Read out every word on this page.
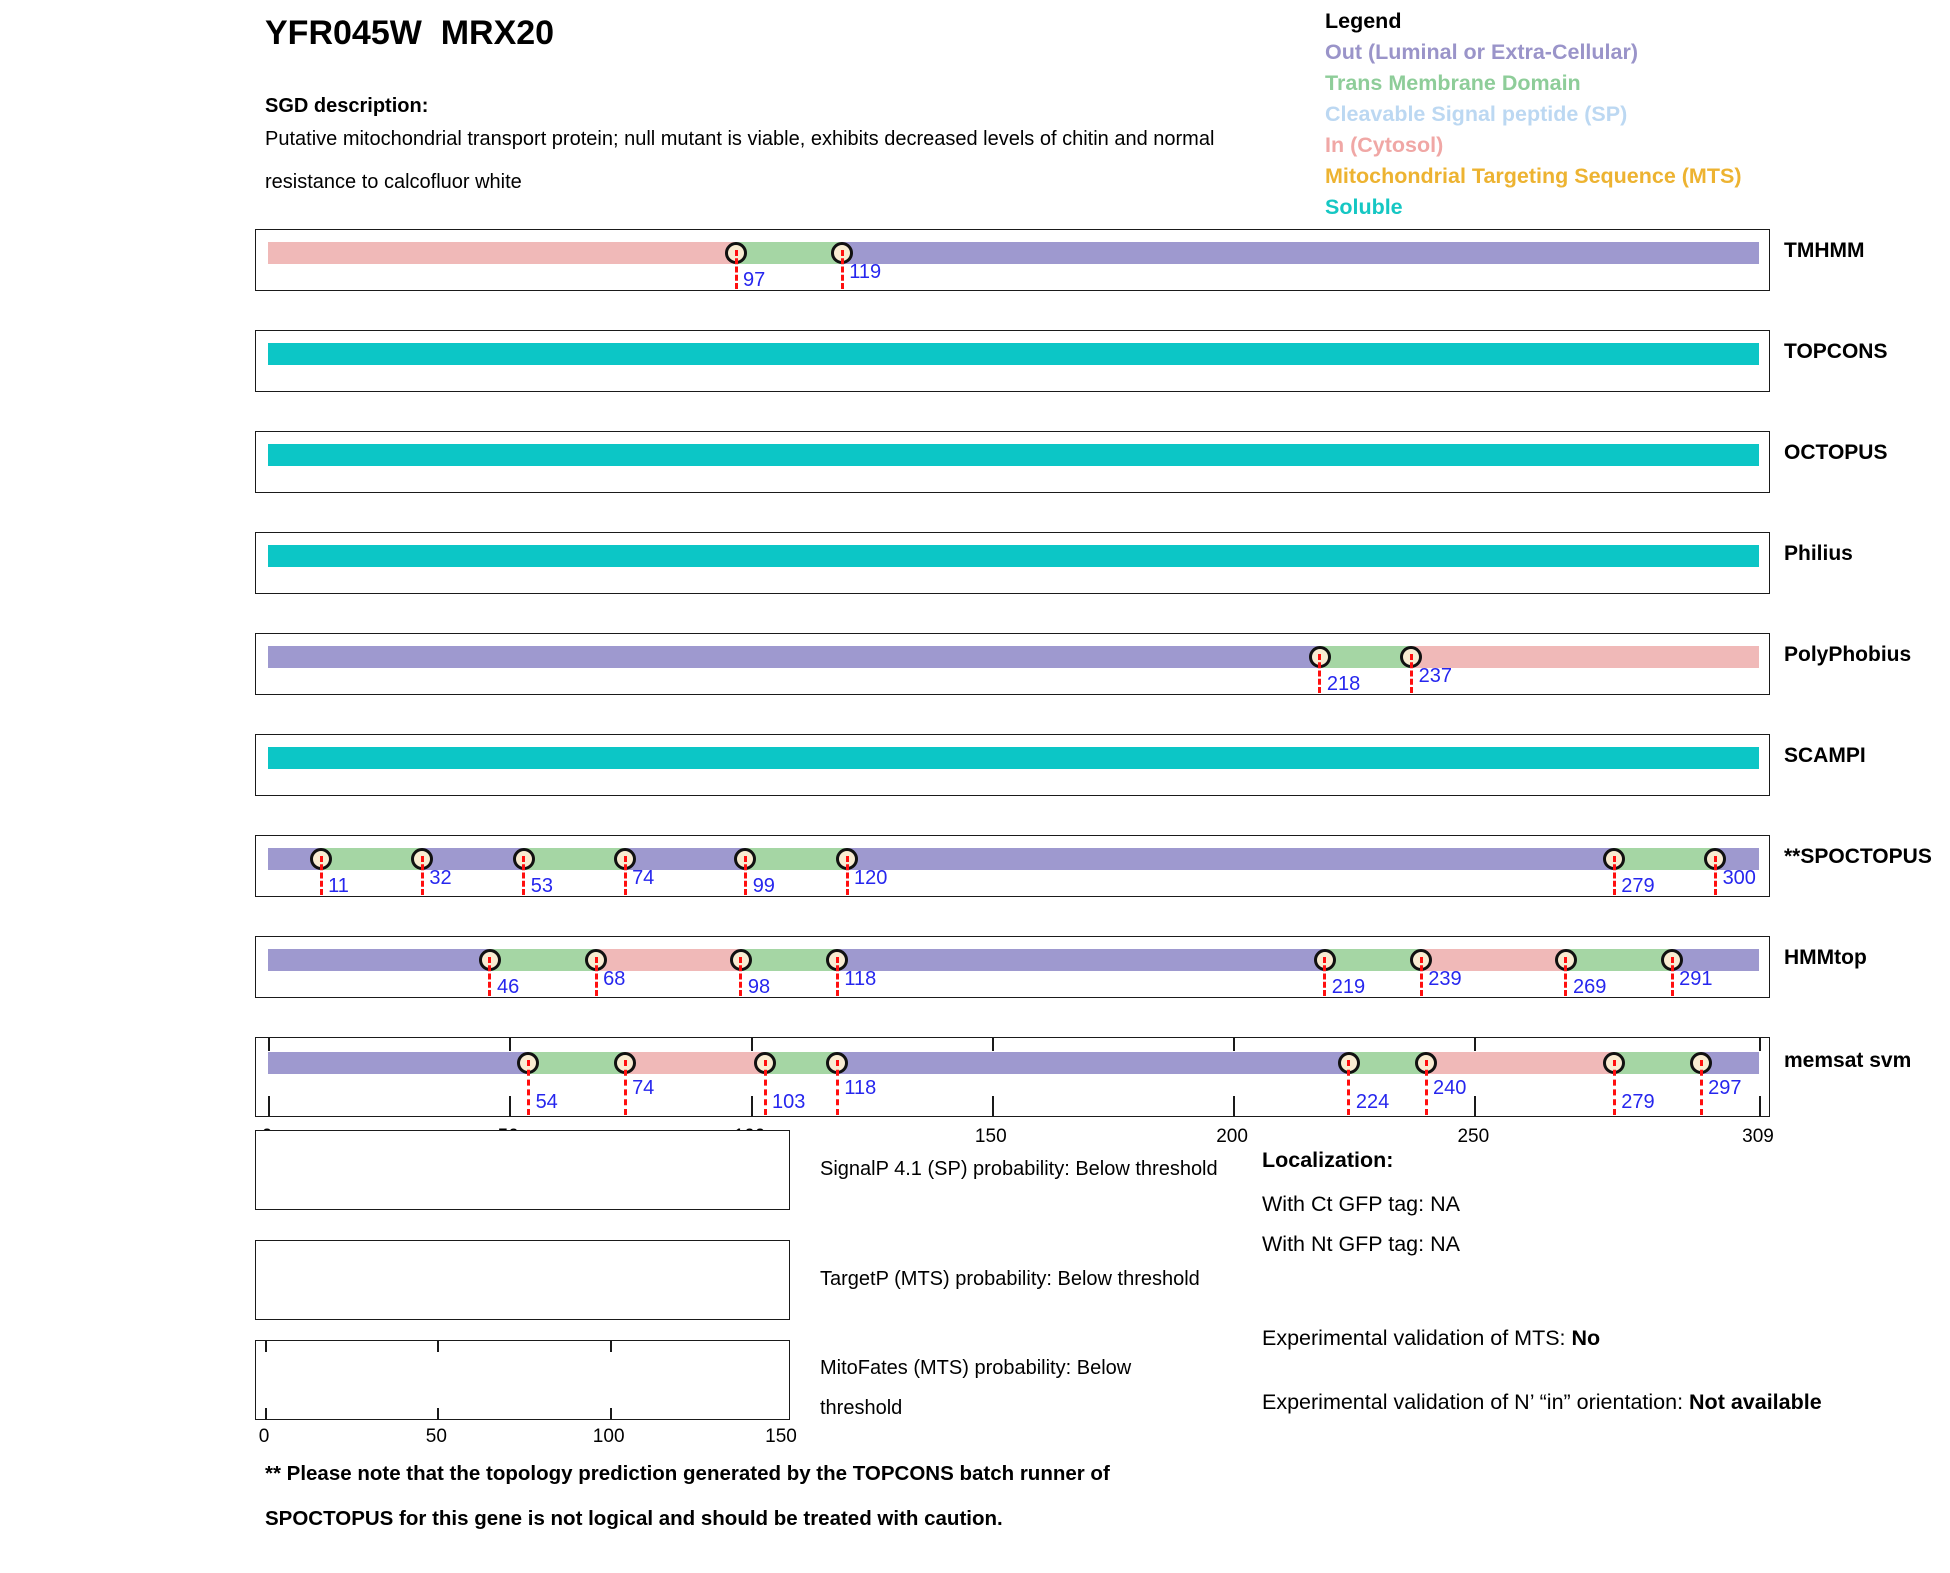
YFR045W  MRX20
SGD description:
Putative mitochondrial transport protein; null mutant is viable, exhibits decreased levels of chitin and normal
resistance to calcofluor white
Legend
Out (Luminal or Extra-Cellular)
Trans Membrane Domain
Cleavable Signal peptide (SP)
In (Cytosol)
Mitochondrial Targeting Sequence (MTS)
Soluble
97	119
TMHMM
TOPCONS
OCTOPUS
Philius
218	237
PolyPhobius
SCAMPI
11	32	53	74	99	120	279	300
**SPOCTOPUS
46	68	98	118	219	239	269	291
HMMtop
54
74
103
118
224
240
279
297
memsat svm
150	200	250	309
SignalP 4.1 (SP) probability: Below threshold
TargetP (MTS) probability: Below threshold
MitoFates (MTS) probability: Below threshold
0	50	100	150
Localization:
With Ct GFP tag: NA
With Nt GFP tag: NA
Experimental validation of MTS: No
Experimental validation of N’ “in” orientation: Not available
** Please note that the topology prediction generated by the TOPCONS batch runner of
SPOCTOPUS for this gene is not logical and should be treated with caution.
